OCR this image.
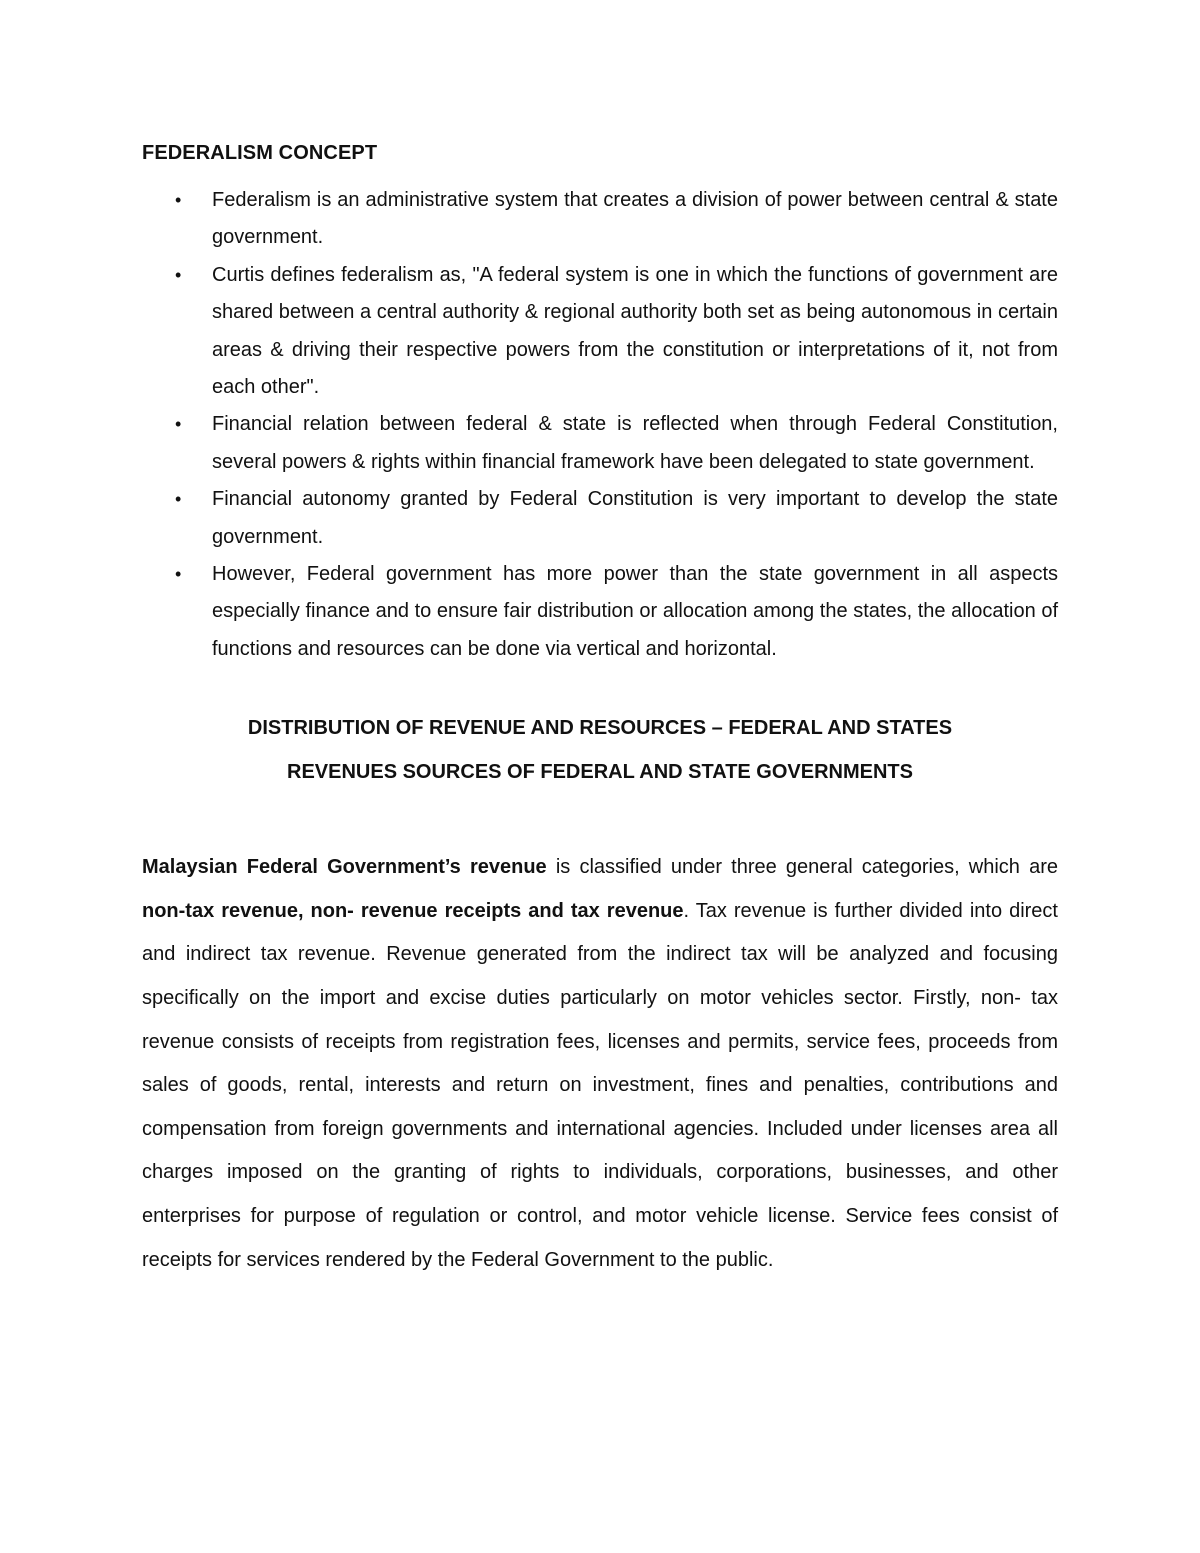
FEDERALISM CONCEPT
• Federalism is an administrative system that creates a division of power between central & state government.
• Curtis defines federalism as, "A federal system is one in which the functions of government are shared between a central authority & regional authority both set as being autonomous in certain areas & driving their respective powers from the constitution or interpretations of it, not from each other".
• Financial relation between federal & state is reflected when through Federal Constitution, several powers & rights within financial framework have been delegated to state government.
• Financial autonomy granted by Federal Constitution is very important to develop the state government.
• However, Federal government has more power than the state government in all aspects especially finance and to ensure fair distribution or allocation among the states, the allocation of functions and resources can be done via vertical and horizontal.
DISTRIBUTION OF REVENUE AND RESOURCES – FEDERAL AND STATES
REVENUES SOURCES OF FEDERAL AND STATE GOVERNMENTS

Malaysian Federal Government’s revenue is classified under three general categories, which are non-tax revenue, non- revenue receipts and tax revenue. Tax revenue is further divided into direct and indirect tax revenue. Revenue generated from the indirect tax will be analyzed and focusing specifically on the import and excise duties particularly on motor vehicles sector. Firstly, non- tax revenue consists of receipts from registration fees, licenses and permits, service fees, proceeds from sales of goods, rental, interests and return on investment, fines and penalties, contributions and compensation from foreign governments and international agencies. Included under licenses area all charges imposed on the granting of rights to individuals, corporations, businesses, and other enterprises for purpose of regulation or control, and motor vehicle license. Service fees consist of receipts for services rendered by the Federal Government to the public.
